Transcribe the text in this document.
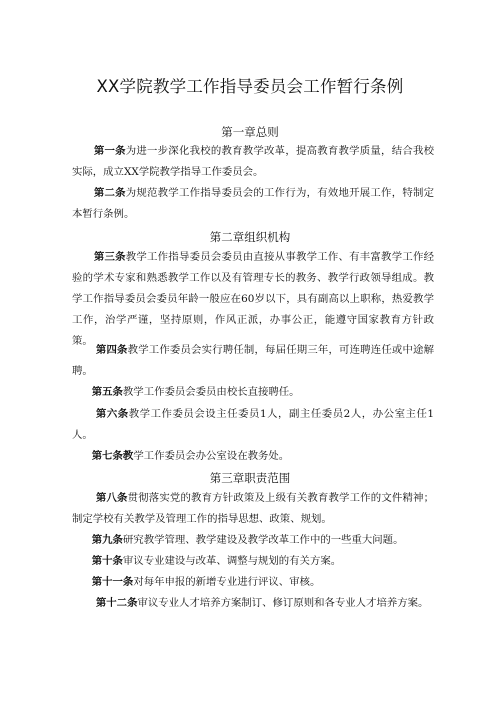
XX学院教学工作指导委员会工作暂行条例
第一章总则
第一条为进一步深化我校的教育教学改革，提高教育教学质量，结合我校实际，成立XX学院教学指导工作委员会。
第二条为规范教学工作指导委员会的工作行为，有效地开展工作，特制定本暂行条例。
第二章组织机构
第三条教学工作指导委员会委员由直接从事教学工作、有丰富教学工作经验的学术专家和熟悉教学工作以及有管理专长的教务、教学行政领导组成。教学工作指导委员会委员年龄一般应在60岁以下，具有副高以上职称，热爱教学工作，治学严谨，坚持原则，作风正派，办事公正，能遵守国家教育方针政策。
第四条教学工作委员会实行聘任制，每届任期三年，可连聘连任或中途解聘。
第五条教学工作委员会委员由校长直接聘任。
第六条教学工作委员会设主任委员1人，副主任委员2人，办公室主任1人。
第七条教学工作委员会办公室设在教务处。
第三章职责范围
第八条贯彻落实党的教育方针政策及上级有关教育教学工作的文件精神；制定学校有关教学及管理工作的指导思想、政策、规划。
第九条研究教学管理、教学建设及教学改革工作中的一些重大问题。
第十条审议专业建设与改革、调整与规划的有关方案。
第十一条对每年申报的新增专业进行评议、审核。
第十二条审议专业人才培养方案制订、修订原则和各专业人才培养方案。
